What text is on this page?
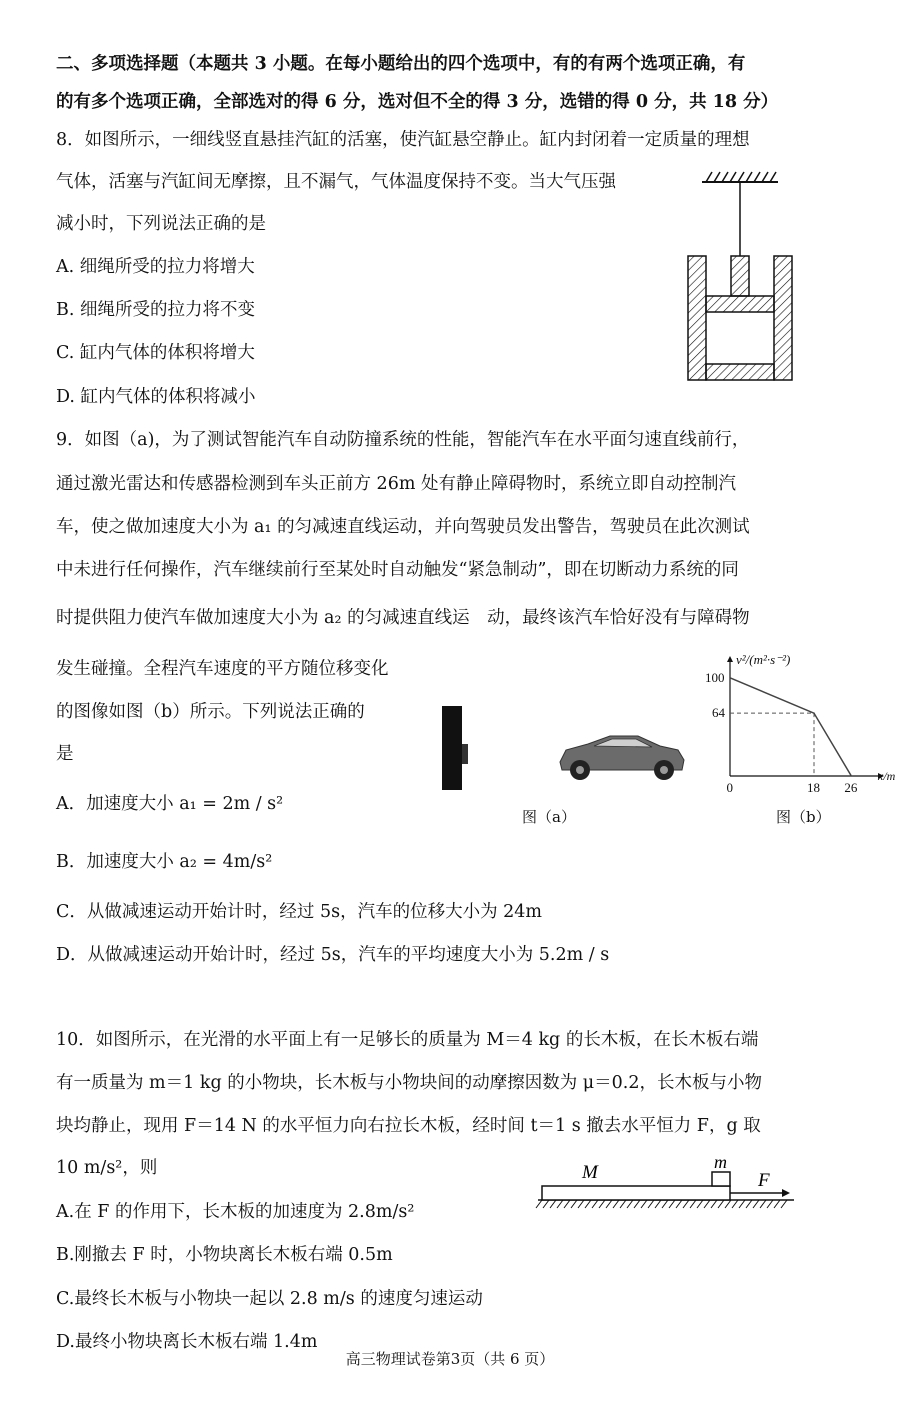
二、多项选择题（本题共 3 小题。在每小题给出的四个选项中，有的有两个选项正确，有
的有多个选项正确，全部选对的得 6 分，选对但不全的得 3 分，选错的得 0 分，共 18 分）
8．如图所示，一细线竖直悬挂汽缸的活塞，使汽缸悬空静止。缸内封闭着一定质量的理想
气体，活塞与汽缸间无摩擦，且不漏气，气体温度保持不变。当大气压强
减小时，下列说法正确的是
A. 细绳所受的拉力将增大
B. 细绳所受的拉力将不变
C. 缸内气体的体积将增大
D. 缸内气体的体积将减小
9．如图（a)，为了测试智能汽车自动防撞系统的性能，智能汽车在水平面匀速直线前行，
通过激光雷达和传感器检测到车头正前方 26m 处有静止障碍物时，系统立即自动控制汽
车，使之做加速度大小为 a₁ 的匀减速直线运动，并向驾驶员发出警告，驾驶员在此次测试
中未进行任何操作，汽车继续前行至某处时自动触发“紧急制动”，即在切断动力系统的同
时提供阻力使汽车做加速度大小为 a₂ 的匀减速直线运　动，最终该汽车恰好没有与障碍物
发生碰撞。全程汽车速度的平方随位移变化
的图像如图（b）所示。下列说法正确的
是
A．加速度大小 a₁ = 2m / s²
B．加速度大小 a₂ = 4m/s²
C．从做减速运动开始计时，经过 5s，汽车的位移大小为 24m
D．从做减速运动开始计时，经过 5s，汽车的平均速度大小为 5.2m / s
图（a）
v²/(m²·s⁻²)
x/m
0	18 26
64
100
图（b）
10．如图所示，在光滑的水平面上有一足够长的质量为 M＝4 kg 的长木板，在长木板右端
有一质量为 m＝1 kg 的小物块，长木板与小物块间的动摩擦因数为 μ＝0.2，长木板与小物
块均静止，现用 F＝14 N 的水平恒力向右拉长木板，经时间 t＝1 s 撤去水平恒力 F，g 取
10 m/s²，则
A.在 F 的作用下，长木板的加速度为 2.8m/s²
B.刚撤去 F 时，小物块离长木板右端 0.5m
C.最终长木板与小物块一起以 2.8 m/s 的速度匀速运动
D.最终小物块离长木板右端 1.4m
M	m
F
高三物理试卷第3页（共 6 页）
